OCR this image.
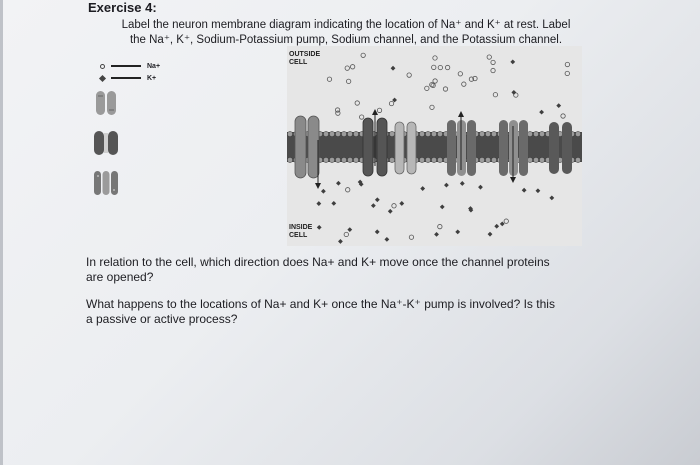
Exercise 4:
Label the neuron membrane diagram indicating the location of Na⁺ and K⁺ at rest. Label
the Na⁺, K⁺, Sodium-Potassium pump, Sodium channel, and the Potassium channel.
Na+
K+
OUTSIDE
CELL
INSIDE
CELL
In relation to the cell, which direction does Na+ and K+ move once the channel proteins
are opened?
What happens to the locations of Na+ and K+ once the Na⁺-K⁺ pump is involved? Is this
a passive or active process?
